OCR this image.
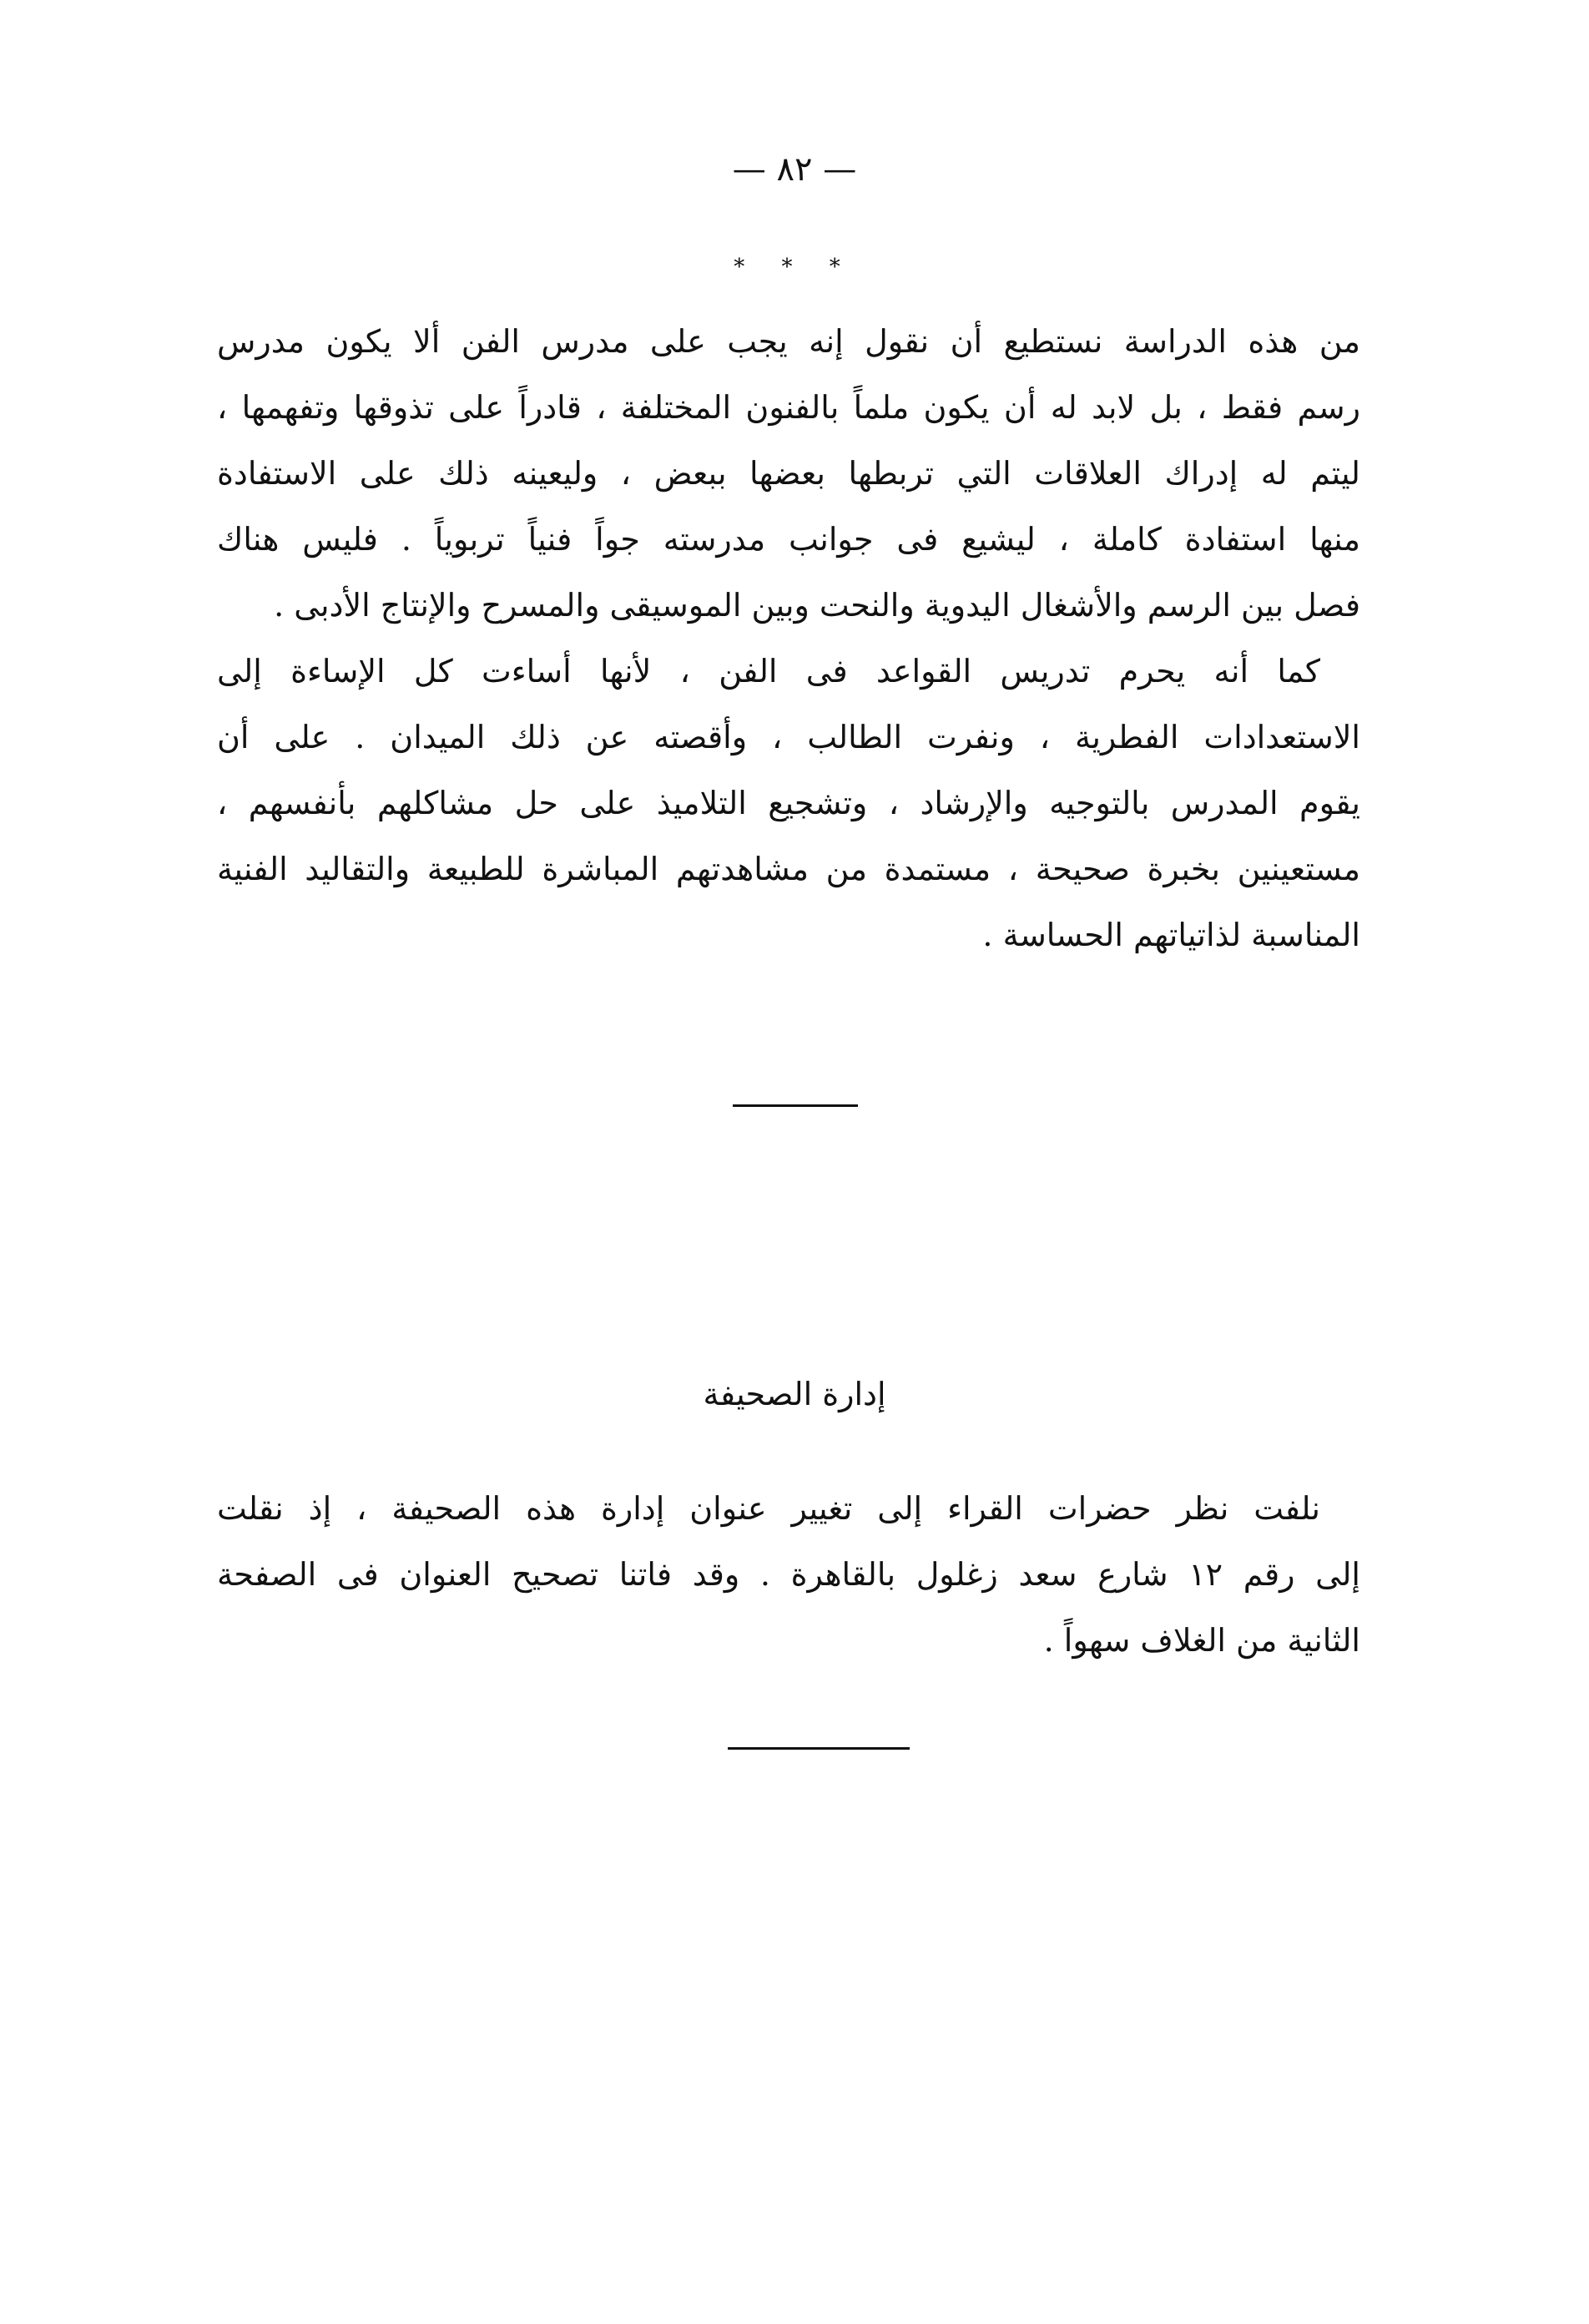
— ٨٢ —
* * *
من هذه الدراسة نستطيع أن نقول إنه يجب على مدرس الفن ألا يكون مدرس
رسم فقط ، بل لابد له أن يكون ملماً بالفنون المختلفة ، قادراً على تذوقها وتفهمها ،
ليتم له إدراك العلاقات التي تربطها بعضها ببعض ، وليعينه ذلك على الاستفادة
منها استفادة كاملة ، ليشيع فى جوانب مدرسته جواً فنياً تربوياً . فليس هناك
فصل بين الرسم والأشغال اليدوية والنحت وبين الموسيقى والمسرح والإنتاج الأدبى .
كما أنه يحرم تدريس القواعد فى الفن ، لأنها أساءت كل الإساءة إلى
الاستعدادات الفطرية ، ونفرت الطالب ، وأقصته عن ذلك الميدان . على أن
يقوم المدرس بالتوجيه والإرشاد ، وتشجيع التلاميذ على حل مشاكلهم بأنفسهم ،
مستعينين بخبرة صحيحة ، مستمدة من مشاهدتهم المباشرة للطبيعة والتقاليد الفنية
المناسبة لذاتياتهم الحساسة .
إدارة الصحيفة
نلفت نظر حضرات القراء إلى تغيير عنوان إدارة هذه الصحيفة ، إذ نقلت
إلى رقم ١٢ شارع سعد زغلول بالقاهرة . وقد فاتنا تصحيح العنوان فى الصفحة
الثانية من الغلاف سهواً .
